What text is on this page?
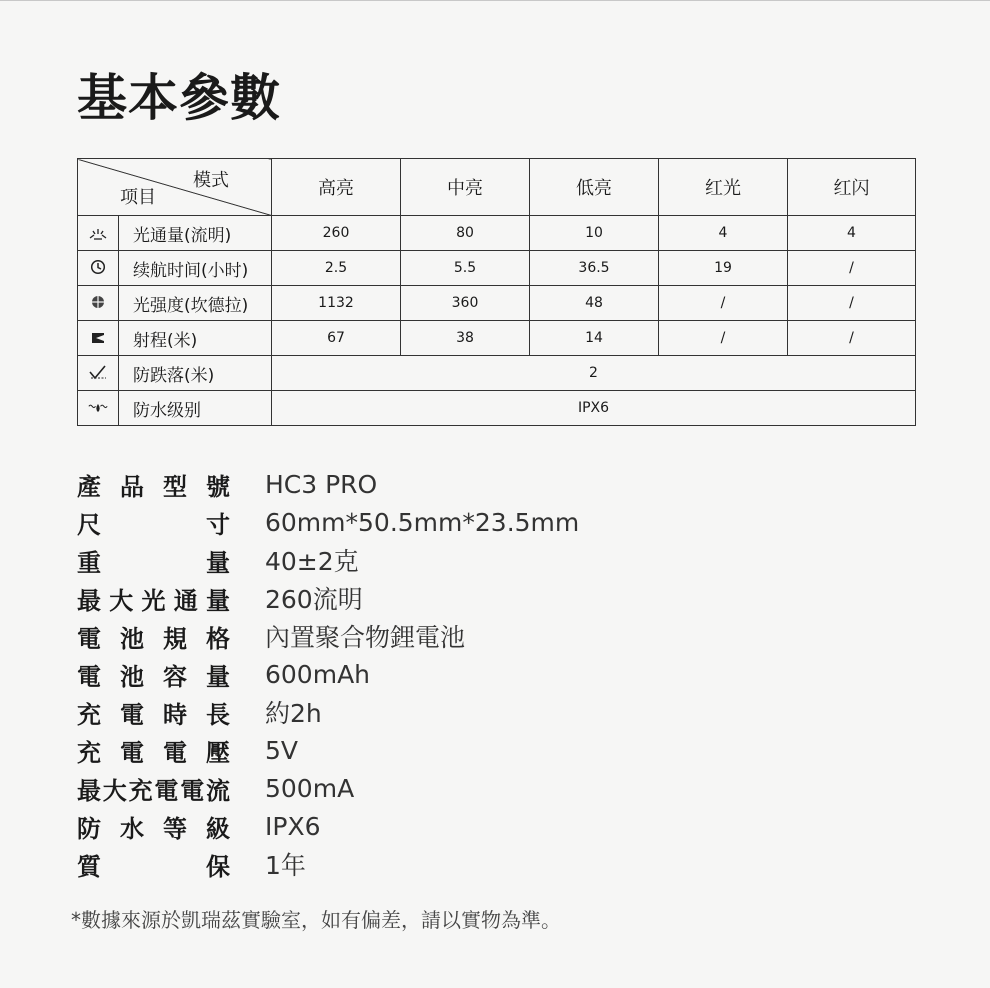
基本參數
模式
项目		高亮	中亮	低亮	红光	红闪

	光通量(流明)	260	80	10	4	4

	续航时间(小时)	2.5	5.5	36.5	19	/

	光强度(坎德拉)	1132	360	48	/	/

	射程(米)	67	38	14	/	/

	防跌落(米)	2				

	防水级别	IPX6				
產 品 型 號 HC3 PRO
尺	寸 60mm*50.5mm*23.5mm
重	量 40±2克
最 大 光 通 量 260流明
電 池 規 格 內置聚合物鋰電池
電 池 容 量 600mAh
充 電 時 長 約2h
充 電 電 壓 5V
最 大 充 電 電 流 500mA
防 水 等 級 IPX6
質	保 1年
*數據來源於凱瑞茲實驗室，如有偏差，請以實物為準。
